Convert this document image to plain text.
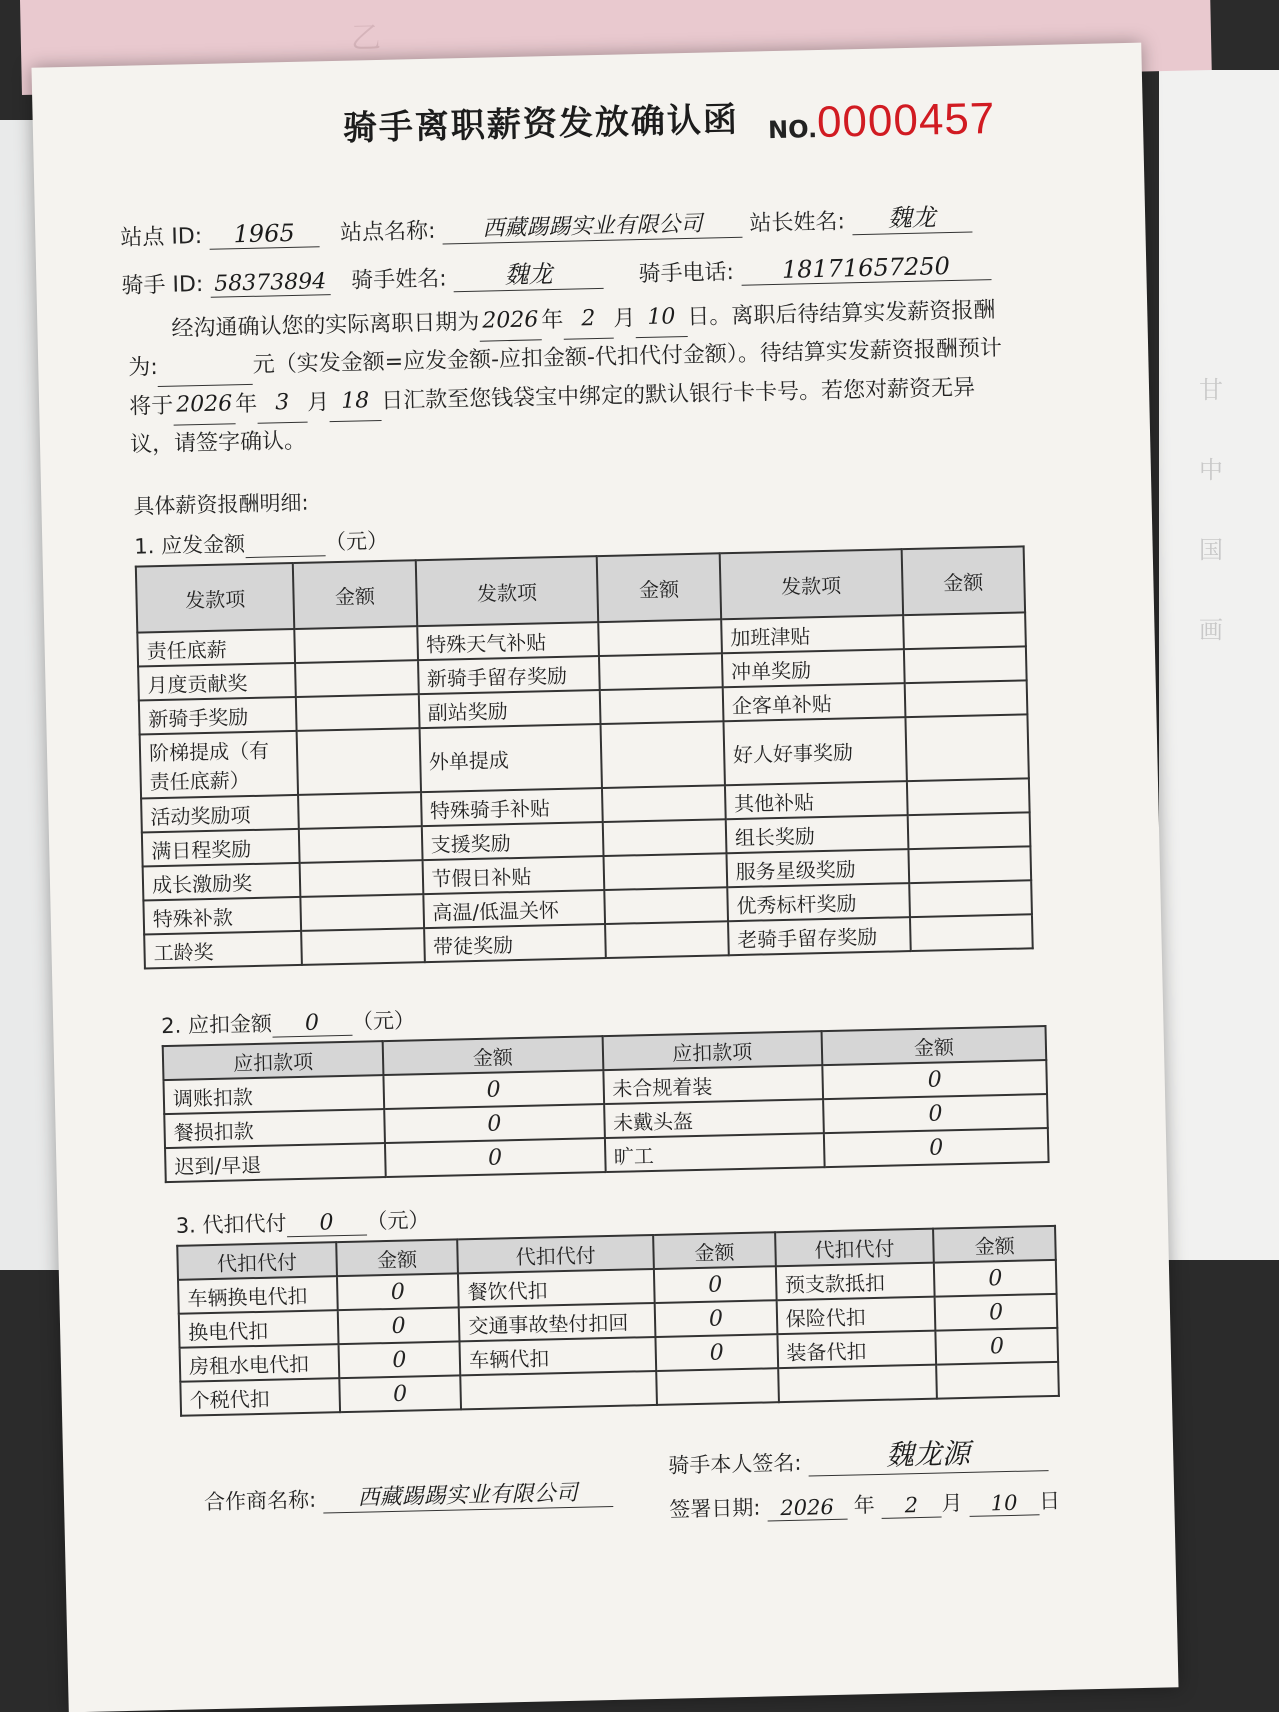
甘
中
国
画
乙
骑手离职薪资发放确认函 NO.0000457
站点 ID: 1965 站点名称: 西藏踢踢实业有限公司 站长姓名: 魏龙
骑手 ID: 58373894 骑手姓名: 魏龙	骑手电话: 18171657250
经沟通确认您的实际离职日期为 2026 年 2 月 10 日。离职后待结算实发薪资报酬为:	元（实发金额=应发金额-应扣金额-代扣代付金额）。待结算实发薪资报酬预计将于 2026 年 3 月 18 日汇款至您钱袋宝中绑定的默认银行卡卡号。若您对薪资无异议，请签字确认。
具体薪资报酬明细:
1. 应发金额	（元）
发款项	金额	发款项	金额	发款项	金额
责任底薪		特殊天气补贴		加班津贴	
月度贡献奖		新骑手留存奖励		冲单奖励	
新骑手奖励		副站奖励		企客单补贴	
阶梯提成（有责任底薪）		外单提成		好人好事奖励	
活动奖励项		特殊骑手补贴		其他补贴	
满日程奖励		支援奖励		组长奖励	
成长激励奖		节假日补贴		服务星级奖励	
特殊补款		高温/低温关怀		优秀标杆奖励	
工龄奖		带徒奖励		老骑手留存奖励	
2. 应扣金额 0 （元）
应扣款项	金额	应扣款项	金额
调账扣款	0	未合规着装	0
餐损扣款	0	未戴头盔	0
迟到/早退	0	旷工	0
3. 代扣代付 0 （元）
代扣代付	金额	代扣代付	金额	代扣代付	金额
车辆换电代扣	0	餐饮代扣	0	预支款抵扣	0
换电代扣	0	交通事故垫付扣回	0	保险代扣	0
房租水电代扣	0	车辆代扣	0	装备代扣	0
个税代扣	0				
合作商名称: 西藏踢踢实业有限公司
骑手本人签名:	魏龙源
签署日期: 2026 年 2 月 10 日
